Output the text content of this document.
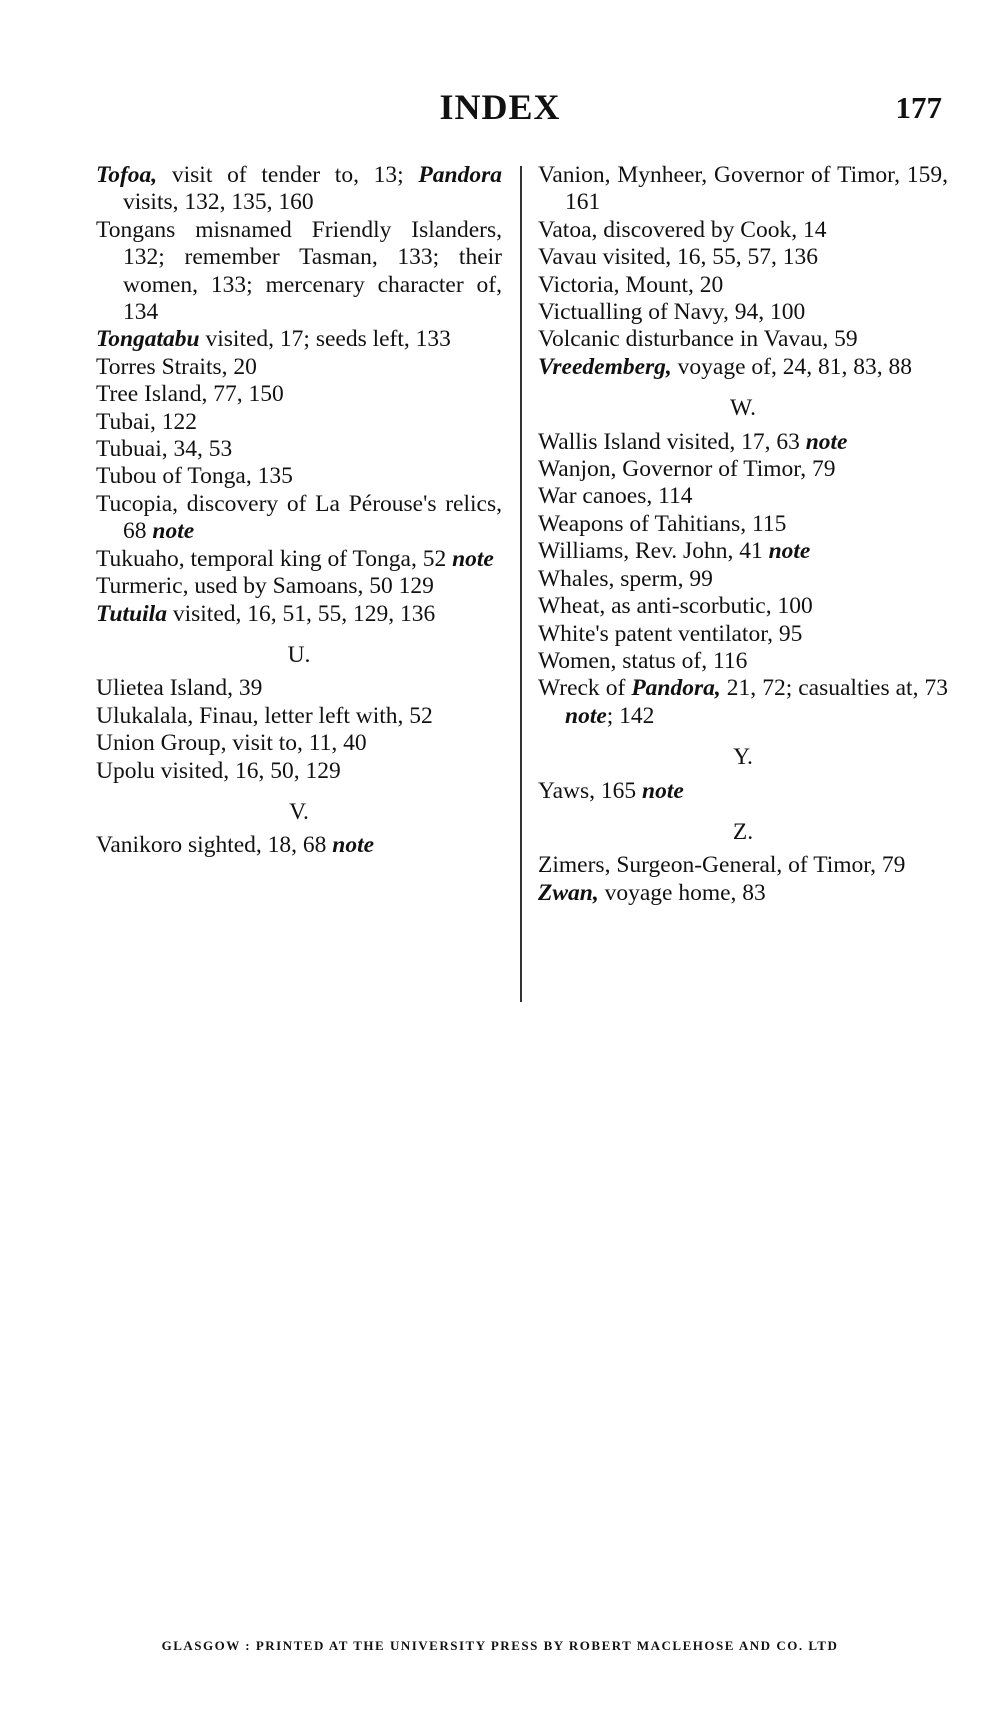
INDEX	177

Tofoa, visit of tender to, 13; Pandora visits, 132, 135, 160

Tongans misnamed Friendly Islanders, 132; remember Tasman, 133; their women, 133; mercenary character of, 134

Tongatabu visited, 17; seeds left, 133

Torres Straits, 20

Tree Island, 77, 150

Tubai, 122

Tubuai, 34, 53

Tubou of Tonga, 135

Tucopia, discovery of La Pérouse's relics, 68 note

Tukuaho, temporal king of Tonga, 52 note

Turmeric, used by Samoans, 50 129

Tutuila visited, 16, 51, 55, 129, 136

U.

Ulietea Island, 39

Ulukalala, Finau, letter left with, 52

Union Group, visit to, 11, 40

Upolu visited, 16, 50, 129

V.

Vanikoro sighted, 18, 68 note

Vanion, Mynheer, Governor of Timor, 159, 161

Vatoa, discovered by Cook, 14

Vavau visited, 16, 55, 57, 136

Victoria, Mount, 20

Victualling of Navy, 94, 100

Volcanic disturbance in Vavau, 59

Vreedemberg, voyage of, 24, 81, 83, 88

W.

Wallis Island visited, 17, 63 note

Wanjon, Governor of Timor, 79

War canoes, 114

Weapons of Tahitians, 115

Williams, Rev. John, 41 note

Whales, sperm, 99

Wheat, as anti-scorbutic, 100

White's patent ventilator, 95

Women, status of, 116

Wreck of Pandora, 21, 72; casualties at, 73 note; 142

Y.

Yaws, 165 note

Z.

Zimers, Surgeon-General, of Timor, 79

Zwan, voyage home, 83

GLASGOW : PRINTED AT THE UNIVERSITY PRESS BY ROBERT MACLEHOSE AND CO. LTD
